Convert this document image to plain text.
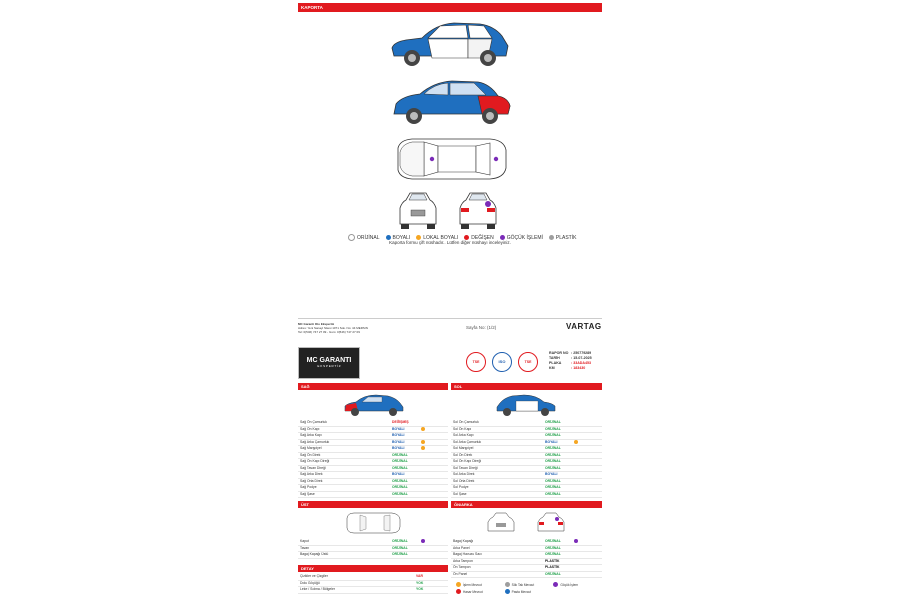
KAPORTA
ORİJİNAL	BOYALI	LOKAL BOYALI	DEĞİŞEN	GÖÇÜK İŞLEMİ	PLASTİK
Kaporta formu çift nüshadır.. Lütfen diğer nüshayı inceleyiniz.
MC Garanti Oto Ekspertiz
Adres: Yeni Sanayi Sitesi 1071 Sok. No: 44 MERSIN
Tel: 0(546) 747 27 09 - Gsm: 0(546) 747 27 09
Sayfa No: (1/2)	VARTAG
MC GARANTI
E K S P E R T İ Z
TSE	ISO	TSE
RAPOR NO : 250779289
TARİH	: 15-07-2025
PLAKA	: 33ADA453
KM	: 183430
SAĞ
Sağ Ön Çamurluk	DEĞİŞMİŞ
Sağ Ön Kapı	BOYALI
Sağ Arka Kapı	BOYALI
Sağ Arka Çamurluk	BOYALI
Sağ Marşpiyel	BOYALI
Sağ Ön Direk	ORİJİNAL
Sağ Ön Kapı Direği	ORİJİNAL
Sağ Tavan Direği	ORİJİNAL
Sağ Arka Direk	BOYALI
Sağ Orta Direk	ORİJİNAL
Sağ Podye	ORİJİNAL
Sağ Şase	ORİJİNAL
SOL
Sol Ön Çamurluk	ORİJİNAL
Sol Ön Kapı	ORİJİNAL
Sol Arka Kapı	ORİJİNAL
Sol Arka Çamurluk	BOYALI
Sol Marşpiyel	ORİJİNAL
Sol Ön Direk	ORİJİNAL
Sol Ön Kapı Direği	ORİJİNAL
Sol Tavan Direği	ORİJİNAL
Sol Arka Direk	BOYALI
Sol Orta Direk	ORİJİNAL
Sol Podye	ORİJİNAL
Sol Şase	ORİJİNAL
ÜST
Kaput	ORİJİNAL
Tavan	ORİJİNAL
Bagaj Kapağı Üstü	ORİJİNAL
ÖN/ARKA
Bagaj Kapağı	ORİJİNAL
Arka Panel	ORİJİNAL
Bagaj Havuzu Sacı	ORİJİNAL
Arka Tampon	PLASTİK
Ön Tampon	PLASTİK
Ön Panel	ORİJİNAL
DETAY
Çizikler ve Çizgiler	VAR
Dolu Göçüğü	YOK
Leke / Solma / Bölgeler	YOK
İşlem Mevcut	Sök Tak Mevcut	Göçük İşlem
Hasar Mevcut	Pasta Mevcut
